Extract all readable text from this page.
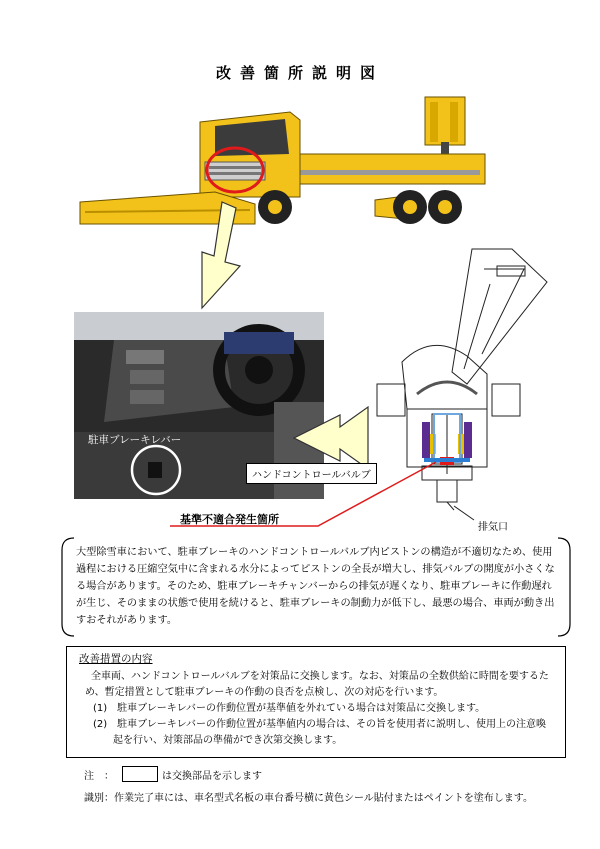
改善箇所説明図
駐車ブレーキレバー
ハンドコントロールバルブ
基準不適合発生箇所
排気口
大型除雪車において、駐車ブレーキのハンドコントロールバルブ内ピストンの構造が不適切なため、使用過程における圧縮空気中に含まれる水分によってピストンの全長が増大し、排気バルブの開度が小さくなる場合があります。そのため、駐車ブレーキチャンバーからの排気が遅くなり、駐車ブレーキに作動遅れが生じ、そのままの状態で使用を続けると、駐車ブレーキの制動力が低下し、最悪の場合、車両が動き出すおそれがあります。
改善措置の内容
全車両、ハンドコントロールバルブを対策品に交換します。なお、対策品の全数供給に時間を要するため、暫定措置として駐車ブレーキの作動の良否を点検し、次の対応を行います。
(1)　駐車ブレーキレバーの作動位置が基準値を外れている場合は対策品に交換します。
(2)　駐車ブレーキレバーの作動位置が基準値内の場合は、その旨を使用者に説明し、使用上の注意喚起を行い、対策部品の準備ができ次第交換します。
注　：	は交換部品を示します
識別：作業完了車には、車名型式名板の車台番号横に黄色シール貼付またはペイントを塗布します。
